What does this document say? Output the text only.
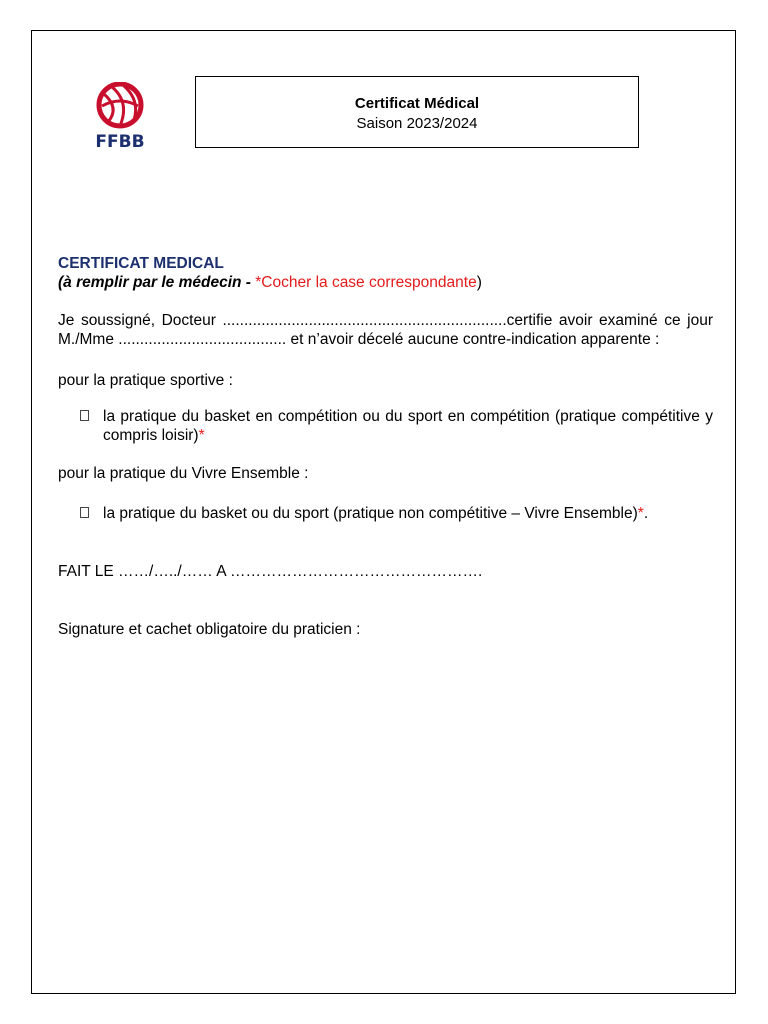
FFBB
Certificat Médical
Saison 2023/2024
CERTIFICAT MEDICAL
(à remplir par le médecin - *Cocher la case correspondante)
Je soussigné, Docteur ..................................................................certifie avoir examiné ce jour M./Mme ....................................... et n’avoir décelé aucune contre-indication apparente :
pour la pratique sportive :
la pratique du basket en compétition ou du sport en compétition (pratique compétitive y compris loisir)*
pour la pratique du Vivre Ensemble :
la pratique du basket ou du sport (pratique non compétitive – Vivre Ensemble)*.
FAIT LE ……/…../…… A ………………………………………….
Signature et cachet obligatoire du praticien :
